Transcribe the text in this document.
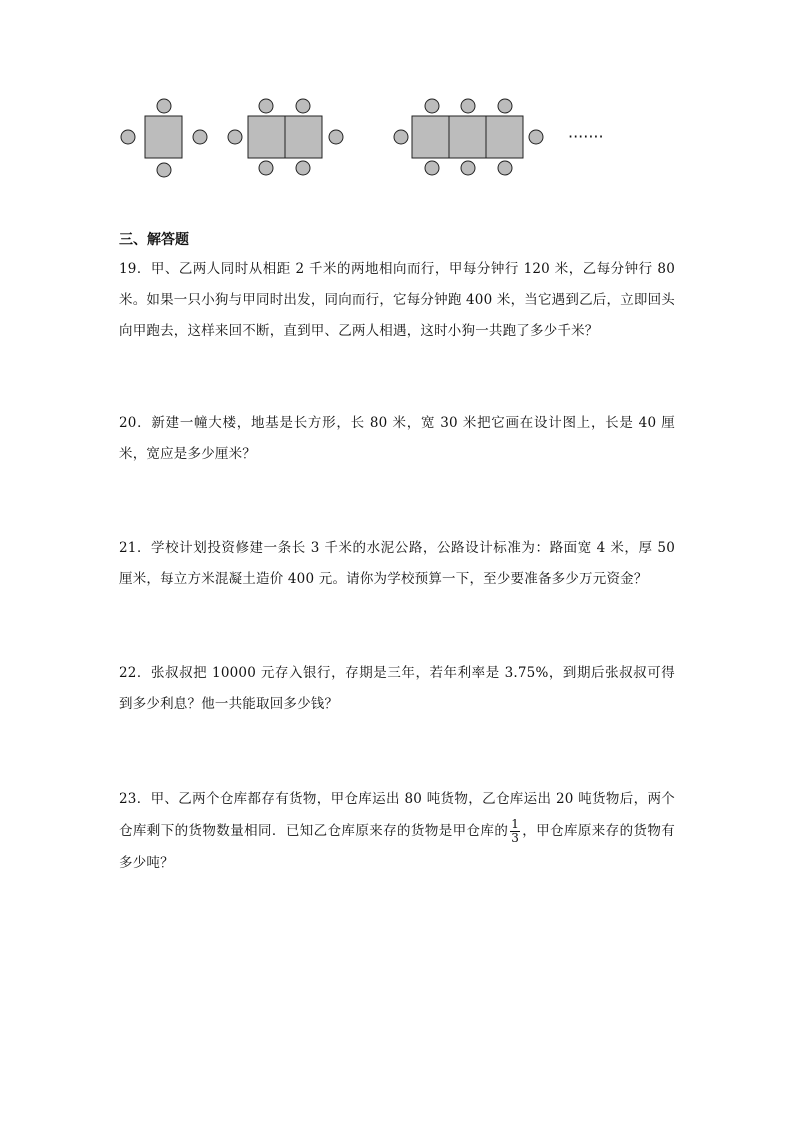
·······
三、解答题

19．甲、乙两人同时从相距 2 千米的两地相向而行，甲每分钟行 120 米，乙每分钟行 80 米。如果一只小狗与甲同时出发，同向而行，它每分钟跑 400 米，当它遇到乙后，立即回头向甲跑去，这样来回不断，直到甲、乙两人相遇，这时小狗一共跑了多少千米？

20．新建一幢大楼，地基是长方形，长 80 米，宽 30 米把它画在设计图上，长是 40 厘米，宽应是多少厘米？

21．学校计划投资修建一条长 3 千米的水泥公路，公路设计标准为：路面宽 4 米，厚 50 厘米，每立方米混凝土造价 400 元。请你为学校预算一下，至少要准备多少万元资金？

22．张叔叔把 10000 元存入银行，存期是三年，若年利率是 3.75%，到期后张叔叔可得到多少利息？他一共能取回多少钱？

23．甲、乙两个仓库都存有货物，甲仓库运出 80 吨货物，乙仓库运出 20 吨货物后，两个仓库剩下的货物数量相同．已知乙仓库原来存的货物是甲仓库的 $\frac{1}{3}$ ，甲仓库原来存的货物有多少吨？
